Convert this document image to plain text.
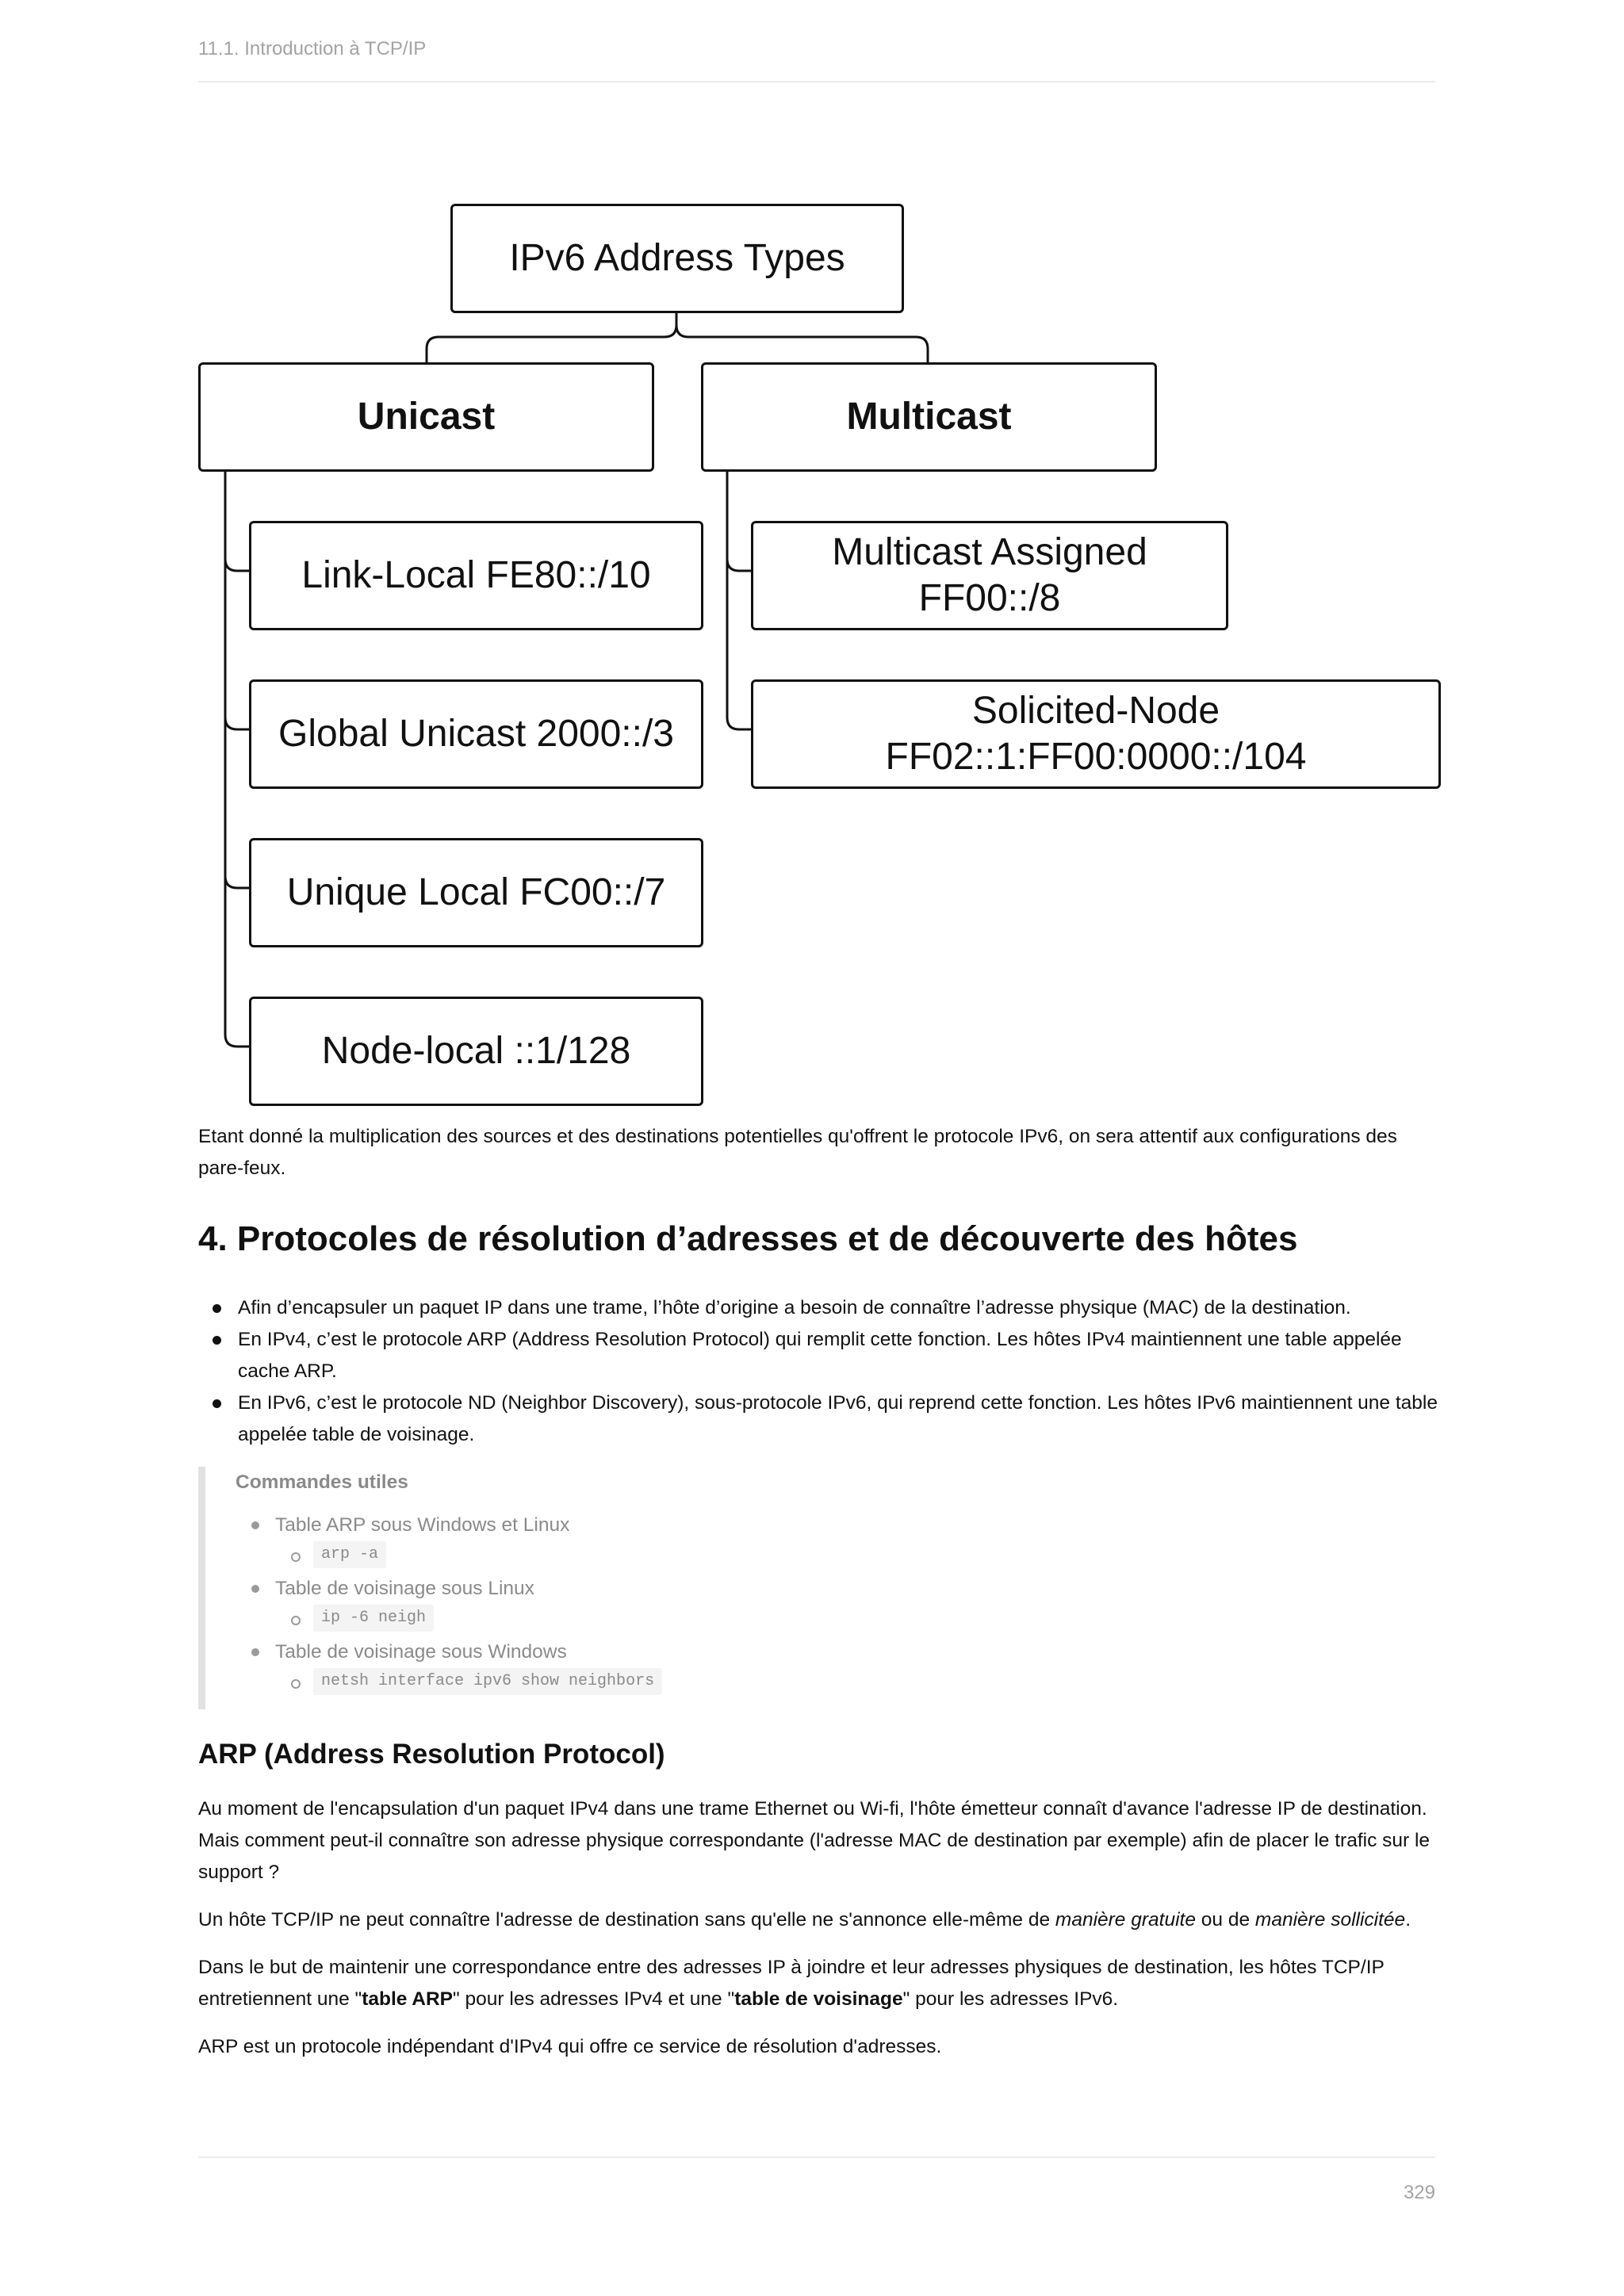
11.1. Introduction à TCP/IP
IPv6 Address Types
Unicast	Multicast
Link-Local FE80::/10
Global Unicast 2000::/3
Unique Local FC00::/7
Node-local ::1/128
Multicast Assigned
FF00::/8
Solicited-Node
FF02::1:FF00:0000::/104

Etant donné la multiplication des sources et des destinations potentielles qu'offrent le protocole IPv6, on sera attentif aux configurations des pare-feux.

4. Protocoles de résolution d’adresses et de découverte des hôtes
Afin d’encapsuler un paquet IP dans une trame, l’hôte d’origine a besoin de connaître l’adresse physique (MAC) de la destination.
En IPv4, c’est le protocole ARP (Address Resolution Protocol) qui remplit cette fonction. Les hôtes IPv4 maintiennent une table appelée cache ARP.
En IPv6, c’est le protocole ND (Neighbor Discovery), sous-protocole IPv6, qui reprend cette fonction. Les hôtes IPv6 maintiennent une table appelée table de voisinage.
Commandes utiles
Table ARP sous Windows et Linux
arp -a
Table de voisinage sous Linux
ip -6 neigh
Table de voisinage sous Windows
netsh interface ipv6 show neighbors
ARP (Address Resolution Protocol)

Au moment de l'encapsulation d'un paquet IPv4 dans une trame Ethernet ou Wi-fi, l'hôte émetteur connaît d'avance l'adresse IP de destination. Mais comment peut-il connaître son adresse physique correspondante (l'adresse MAC de destination par exemple) afin de placer le trafic sur le support ?

Un hôte TCP/IP ne peut connaître l'adresse de destination sans qu'elle ne s'annonce elle-même de manière gratuite ou de manière sollicitée.

Dans le but de maintenir une correspondance entre des adresses IP à joindre et leur adresses physiques de destination, les hôtes TCP/IP entretiennent une "table ARP" pour les adresses IPv4 et une "table de voisinage" pour les adresses IPv6.

ARP est un protocole indépendant d'IPv4 qui offre ce service de résolution d'adresses.

329
